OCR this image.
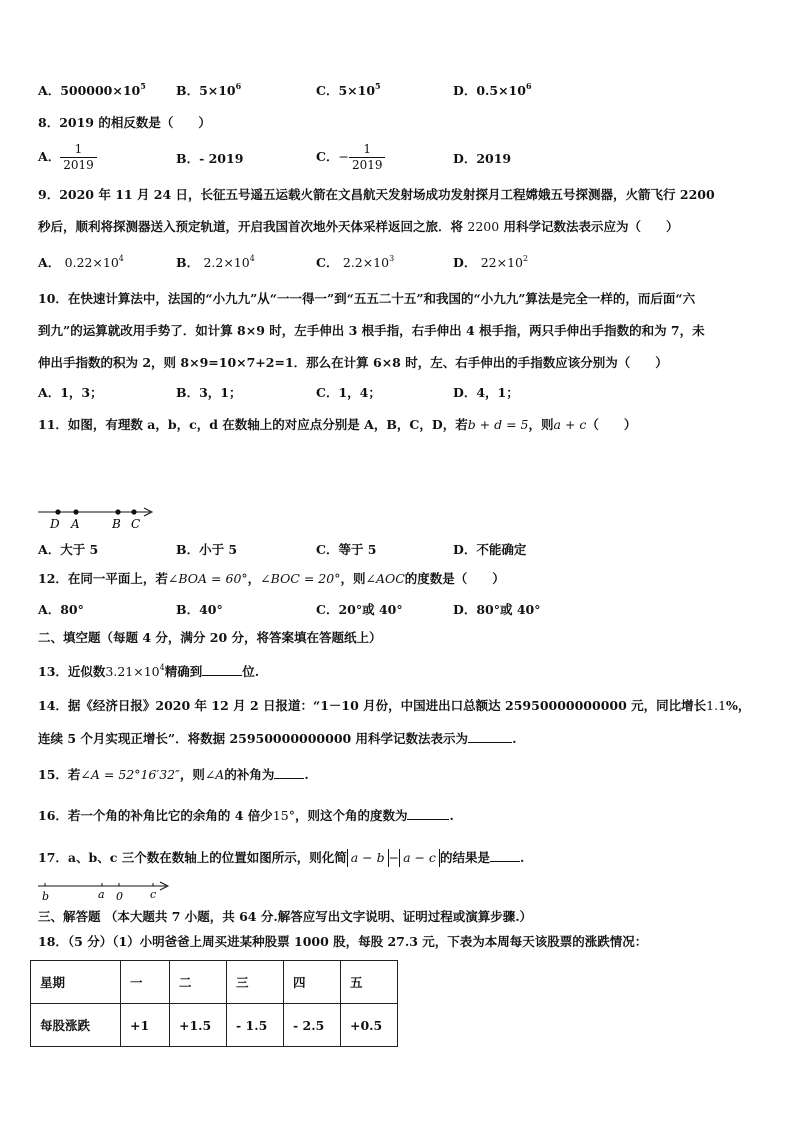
A．$500000\times 10^5$ B．$5\times 10^6$	C．$5\times 10^5$	D．$0.5\times 10^6$
8．2019 的相反数是（　　）
A． $\frac{1}{2019}$	B．- 2019	C．− $\frac{1}{2019}$	D．2019
9．2020 年 11 月 24 日，长征五号遥五运载火箭在文昌航天发射场成功发射探月工程嫦娥五号探测器，火箭飞行 2200
秒后，顺利将探测器送入预定轨道，开启我国首次地外天体采样返回之旅．将 2200 用科学记数法表示应为（　　）
A． $0.22\times 10^4$	B． $2.2\times 10^4$	C． $2.2\times 10^3$	D． $22\times 10^2$
10．在快速计算法中，法国的“小九九”从“一一得一”到“五五二十五”和我国的“小九九”算法是完全一样的，而后面“六
到九”的运算就改用手势了．如计算 8×9 时，左手伸出 3 根手指，右手伸出 4 根手指，两只手伸出手指数的和为 7，未
伸出手指数的积为 2，则 8×9=10×7+2=1．那么在计算 6×8 时，左、右手伸出的手指数应该分别为（　　）
A．1，3；	B．3，1；	C．1，4；	D．4，1；
11．如图，有理数 a，b，c，d 在数轴上的对应点分别是 A，B，C，D，若b + d = 5，则a + c（　　）
D A	B C
A．大于 5	B．小于 5	C．等于 5	D．不能确定
12．在同一平面上，若∠BOA = 60°，∠BOC = 20°，则∠AOC的度数是（　　）
A．80°	B．40°	C．20°或 40°	D．80°或 40°
二、填空题（每题 4 分，满分 20 分，将答案填在答题纸上）
13．近似数$3.21\times 10^4$精确到	位.
14．据《经济日报》2020 年 12 月 2 日报道：“1－10 月份，中国进出口总额达 25950000000000 元，同比增长1.1%，
连续 5 个月实现正增长”．将数据 25950000000000 用科学记数法表示为	.
15．若∠A = 52°16′32″，则∠A的补角为 .
16．若一个角的补角比它的余角的 4 倍少15°，则这个角的度数为	.
17．a、b、c 三个数在数轴上的位置如图所示，则化简 a − b − a − c 的结果是 .
b	a 0 c
三、解答题 （本大题共 7 小题，共 64 分.解答应写出文字说明、证明过程或演算步骤.）
18．（5 分）（1）小明爸爸上周买进某种股票 1000 股，每股 27.3 元，下表为本周每天该股票的涨跌情况：
星期	一	二	三	四	五
每股涨跌	+1	+1.5	- 1.5	- 2.5	+0.5
